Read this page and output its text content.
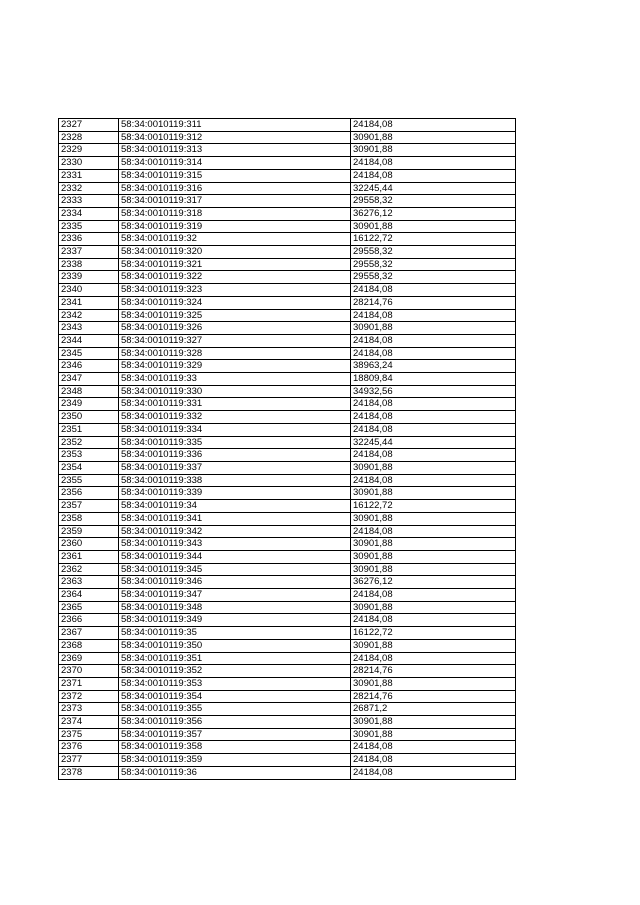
2327	58:34:0010119:311	24184,08
2328	58:34:0010119:312	30901,88
2329	58:34:0010119:313	30901,88
2330	58:34:0010119:314	24184,08
2331	58:34:0010119:315	24184,08
2332	58:34:0010119:316	32245,44
2333	58:34:0010119:317	29558,32
2334	58:34:0010119:318	36276,12
2335	58:34:0010119:319	30901,88
2336	58:34:0010119:32	16122,72
2337	58:34:0010119:320	29558,32
2338	58:34:0010119:321	29558,32
2339	58:34:0010119:322	29558,32
2340	58:34:0010119:323	24184,08
2341	58:34:0010119:324	28214,76
2342	58:34:0010119:325	24184,08
2343	58:34:0010119:326	30901,88
2344	58:34:0010119:327	24184,08
2345	58:34:0010119:328	24184,08
2346	58:34:0010119:329	38963,24
2347	58:34:0010119:33	18809,84
2348	58:34:0010119:330	34932,56
2349	58:34:0010119:331	24184,08
2350	58:34:0010119:332	24184,08
2351	58:34:0010119:334	24184,08
2352	58:34:0010119:335	32245,44
2353	58:34:0010119:336	24184,08
2354	58:34:0010119:337	30901,88
2355	58:34:0010119:338	24184,08
2356	58:34:0010119:339	30901,88
2357	58:34:0010119:34	16122,72
2358	58:34:0010119:341	30901,88
2359	58:34:0010119:342	24184,08
2360	58:34:0010119:343	30901,88
2361	58:34:0010119:344	30901,88
2362	58:34:0010119:345	30901,88
2363	58:34:0010119:346	36276,12
2364	58:34:0010119:347	24184,08
2365	58:34:0010119:348	30901,88
2366	58:34:0010119:349	24184,08
2367	58:34:0010119:35	16122,72
2368	58:34:0010119:350	30901,88
2369	58:34:0010119:351	24184,08
2370	58:34:0010119:352	28214,76
2371	58:34:0010119:353	30901,88
2372	58:34:0010119:354	28214,76
2373	58:34:0010119:355	26871,2
2374	58:34:0010119:356	30901,88
2375	58:34:0010119:357	30901,88
2376	58:34:0010119:358	24184,08
2377	58:34:0010119:359	24184,08
2378	58:34:0010119:36	24184,08
